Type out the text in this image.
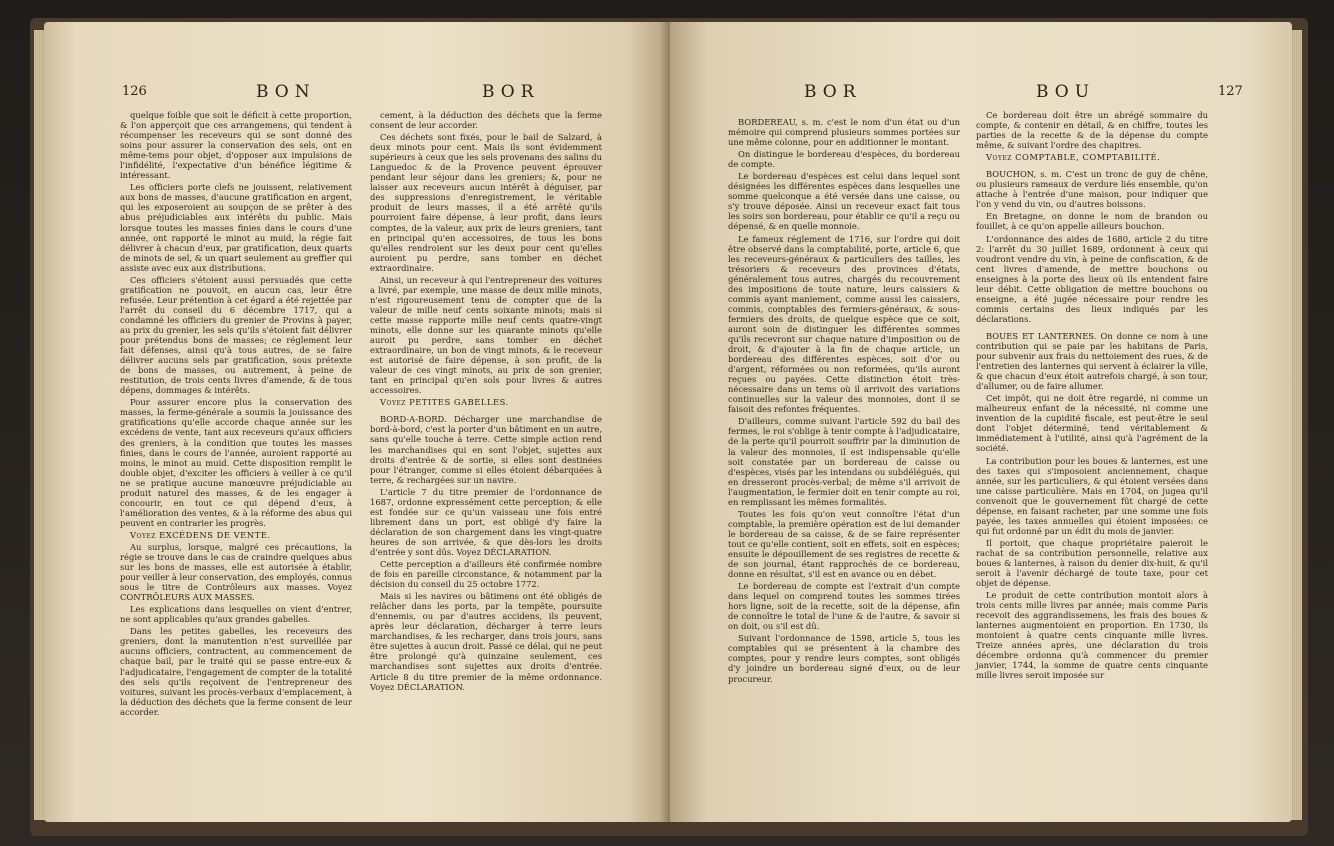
126	BON	BOR

quelque foible que soit le déficit à cette proportion, & l'on apperçoit que ces arrangemens, qui tendent à récompenser les receveurs qui se sont donné des soins pour assurer la conservation des sels, ont en même-tems pour objet, d'opposer aux impulsions de l'infidélité, l'expectative d'un bénéfice légitime & intéressant.

Les officiers porte clefs ne jouissent, relativement aux bons de masses, d'aucune gratification en argent, qui les exposeroient au soupçon de se prêter à des abus préjudiciables aux intérêts du public. Mais lorsque toutes les masses finies dans le cours d'une année, ont rapporté le minot au muid, la régie fait délivrer à chacun d'eux, par gratification, deux quarts de minots de sel, & un quart seulement au greffier qui assiste avec eux aux distributions.

Ces officiers s'étoient aussi persuadés que cette gratification ne pouvoit, en aucun cas, leur être refusée. Leur prétention à cet égard a été rejettée par l'arrêt du conseil du 6 décembre 1717, qui a condamné les officiers du grenier de Provins à payer, au prix du grenier, les sels qu'ils s'étoient fait délivrer pour prétendus bons de masses; ce réglement leur fait défenses, ainsi qu'à tous autres, de se faire délivrer aucuns sels par gratification, sous prétexte de bons de masses, ou autrement, à peine de restitution, de trois cents livres d'amende, & de tous dépens, dommages & intérêts.

Pour assurer encore plus la conservation des masses, la ferme-générale a soumis la jouissance des gratifications qu'elle accorde chaque année sur les excédens de vente, tant aux receveurs qu'aux officiers des greniers, à la condition que toutes les masses finies, dans le cours de l'année, auroient rapporté au moins, le minot au muid. Cette disposition remplit le double objet, d'exciter les officiers à veiller à ce qu'il ne se pratique aucune manœuvre préjudiciable au produit naturel des masses, & de les engager à concourir, en tout ce qui dépend d'eux, à l'amélioration des ventes, & à la réforme des abus qui peuvent en contrarier les progrès.

Voyez EXCÉDENS DE VENTE.

Au surplus, lorsque, malgré ces précautions, la régie se trouve dans le cas de craindre quelques abus sur les bons de masses, elle est autorisée à établir, pour veiller à leur conservation, des employés, connus sous le titre de Contrôleurs aux masses. Voyez CONTRÔLEURS AUX MASSES.

Les explications dans lesquelles on vient d'entrer, ne sont applicables qu'aux grandes gabelles.

Dans les petites gabelles, les receveurs des greniers, dont la manutention n'est surveillée par aucuns officiers, contractent, au commencement de chaque bail, par le traité qui se passe entre-eux & l'adjudicataire, l'engagement de compter de la totalité des sels qu'ils reçoivent de l'entrepreneur des voitures, suivant les procès-verbaux d'emplacement, à la déduction des déchets que la ferme consent de leur accorder.

cement, à la déduction des déchets que la ferme consent de leur accorder.

Ces déchets sont fixés, pour le bail de Salzard, à deux minots pour cent. Mais ils sont évidemment supérieurs à ceux que les sels provenans des salins du Languedoc & de la Provence peuvent éprouver pendant leur séjour dans les greniers; &, pour ne laisser aux receveurs aucun intérêt à déguiser, par des suppressions d'enregistrement, le véritable produit de leurs masses, il a été arrêté qu'ils pourroient faire dépense, à leur profit, dans leurs comptes, de la valeur, aux prix de leurs greniers, tant en principal qu'en accessoires, de tous les bons qu'elles rendroient sur les deux pour cent qu'elles auroient pu perdre, sans tomber en déchet extraordinaire.

Ainsi, un receveur à qui l'entrepreneur des voitures a livré, par exemple, une masse de deux mille minots, n'est rigoureusement tenu de compter que de la valeur de mille neuf cents soixante minots; mais si cette masse rapporte mille neuf cents quatre-vingt minots, elle donne sur les quarante minots qu'elle auroit pu perdre, sans tomber en déchet extraordinaire, un bon de vingt minots, & le receveur est autorisé de faire dépense, à son profit, de la valeur de ces vingt minots, au prix de son grenier, tant en principal qu'en sols pour livres & autres accessoires.

Voyez PETITES GABELLES.

BORD-A-BORD. Décharger une marchandise de bord-à-bord, c'est la porter d'un bâtiment en un autre, sans qu'elle touche à terre. Cette simple action rend les marchandises qui en sont l'objet, sujettes aux droits d'entrée & de sortie, si elles sont destinées pour l'étranger, comme si elles étoient débarquées à terre, & rechargées sur un navire.

L'article 7 du titre premier de l'ordonnance de 1687, ordonne expressément cette perception; & elle est fondée sur ce qu'un vaisseau une fois entré librement dans un port, est obligé d'y faire la déclaration de son chargement dans les vingt-quatre heures de son arrivée, & que dès-lors les droits d'entrée y sont dûs. Voyez DÉCLARATION.

Cette perception a d'ailleurs été confirmée nombre de fois en pareille circonstance, & notamment par la décision du conseil du 25 octobre 1772.

Mais si les navires ou bâtimens ont été obligés de relâcher dans les ports, par la tempête, poursuite d'ennemis, ou par d'autres accidens, ils peuvent, après leur déclaration, décharger à terre leurs marchandises, & les recharger, dans trois jours, sans être sujettes à aucun droit. Passé ce délai, qui ne peut être prolongé qu'à quinzaine seulement, ces marchandises sont sujettes aux droits d'entrée. Article 8 du titre premier de la même ordonnance. Voyez DÉCLARATION.

BOR	BOU	127

BORDEREAU, s. m. c'est le nom d'un état ou d'un mémoire qui comprend plusieurs sommes portées sur une même colonne, pour en additionner le montant.

On distingue le bordereau d'espèces, du bordereau de compte.

Le bordereau d'espèces est celui dans lequel sont désignées les différentes espèces dans lesquelles une somme quelconque a été versée dans une caisse, ou s'y trouve déposée. Ainsi un receveur exact fait tous les soirs son bordereau, pour établir ce qu'il a reçu ou dépensé, & en quelle monnoie.

Le fameux réglement de 1716, sur l'ordre qui doit être observé dans la comptabilité, porte, article 6, que les receveurs-généraux & particuliers des tailles, les trésoriers & receveurs des provinces d'états, généralement tous autres, chargés du recouvrement des impositions de toute nature, leurs caissiers & commis ayant maniement, comme aussi les caissiers, commis, comptables des fermiers-généraux, & sous-fermiers des droits, de quelque espèce que ce soit, auront soin de distinguer les différentes sommes qu'ils recevront sur chaque nature d'imposition ou de droit, & d'ajouter à la fin de chaque article, un bordereau des différentes espèces, soit d'or ou d'argent, réformées ou non reformées, qu'ils auront reçues ou payées. Cette distinction étoit très-nécessaire dans un tems où il arrivoit des variations continuelles sur la valeur des monnoies, dont il se faisoit des refontes fréquentes.

D'ailleurs, comme suivant l'article 592 du bail des fermes, le roi s'oblige à tenir compte à l'adjudicataire, de la perte qu'il pourroit souffrir par la diminution de la valeur des monnoies, il est indispensable qu'elle soit constatée par un bordereau de caisse ou d'espèces, visés par les intendans ou subdélégués, qui en dresseront procès-verbal; de même s'il arrivoit de l'augmentation, le fermier doit en tenir compte au roi, en remplissant les mêmes formalités.

Toutes les fois qu'on veut connoître l'état d'un comptable, la première opération est de lui demander le bordereau de sa caisse, & de se faire représenter tout ce qu'elle contient, soit en effets, soit en espèces; ensuite le dépouillement de ses registres de recette & de son journal, étant rapprochés de ce bordereau, donne en résultat, s'il est en avance ou en débet.

Le bordereau de compte est l'extrait d'un compte dans lequel on comprend toutes les sommes tirées hors ligne, soit de la recette, soit de la dépense, afin de connoître le total de l'une & de l'autre, & savoir si on doit, ou s'il est dû.

Suivant l'ordonnance de 1598, article 5, tous les comptables qui se présentent à la chambre des comptes, pour y rendre leurs comptes, sont obligés d'y joindre un bordereau signé d'eux, ou de leur procureur.

Ce bordereau doit être un abrégé sommaire du compte, & contenir en détail, & en chiffre, toutes les parties de la recette & de la dépense du compte même, & suivant l'ordre des chapitres.

Voyez COMPTABLE, COMPTABILITÉ.

BOUCHON, s. m. C'est un tronc de guy de chêne, ou plusieurs rameaux de verdure liés ensemble, qu'on attache à l'entrée d'une maison, pour indiquer que l'on y vend du vin, ou d'autres boissons.

En Bretagne, on donne le nom de brandon ou fouillet, à ce qu'on appelle ailleurs bouchon.

L'ordonnance des aides de 1680, article 2 du titre 2: l'arrêt du 30 juillet 1689, ordonnent à ceux qui voudront vendre du vin, à peine de confiscation, & de cent livres d'amende, de mettre bouchons ou enseignes à la porte des lieux où ils entendent faire leur débit. Cette obligation de mettre bouchons ou enseigne, a été jugée nécessaire pour rendre les commis certains des lieux indiqués par les déclarations.

BOUES ET LANTERNES. On donne ce nom à une contribution qui se paie par les habitans de Paris, pour subvenir aux frais du nettoiement des rues, & de l'entretien des lanternes qui servent à éclairer la ville, & que chacun d'eux étoit autrefois chargé, à son tour, d'allumer, ou de faire allumer.

Cet impôt, qui ne doit être regardé, ni comme un malheureux enfant de la nécessité, ni comme une invention de la cupidité fiscale, est peut-être le seul dont l'objet déterminé, tend véritablement & immédiatement à l'utilité, ainsi qu'à l'agrément de la société.

La contribution pour les boues & lanternes, est une des taxes qui s'imposoient anciennement, chaque année, sur les particuliers, & qui étoient versées dans une caisse particulière. Mais en 1704, on jugea qu'il convenoit que le gouvernement fût chargé de cette dépense, en faisant racheter, par une somme une fois payée, les taxes annuelles qui étoient imposées: ce qui fut ordonné par un édit du mois de janvier.

Il portoit, que chaque propriétaire paieroit le rachat de sa contribution personnelle, relative aux boues & lanternes, à raison du denier dix-huit, & qu'il seroit à l'avenir déchargé de toute taxe, pour cet objet de dépense.

Le produit de cette contribution montoit alors à trois cents mille livres par année; mais comme Paris recevoit des aggrandissemens, les frais des boues & lanternes augmentoient en proportion. En 1730, ils montoient à quatre cents cinquante mille livres. Treize années après, une déclaration du trois décembre ordonna qu'à commencer du premier janvier, 1744, la somme de quatre cents cinquante mille livres seroit imposée sur
